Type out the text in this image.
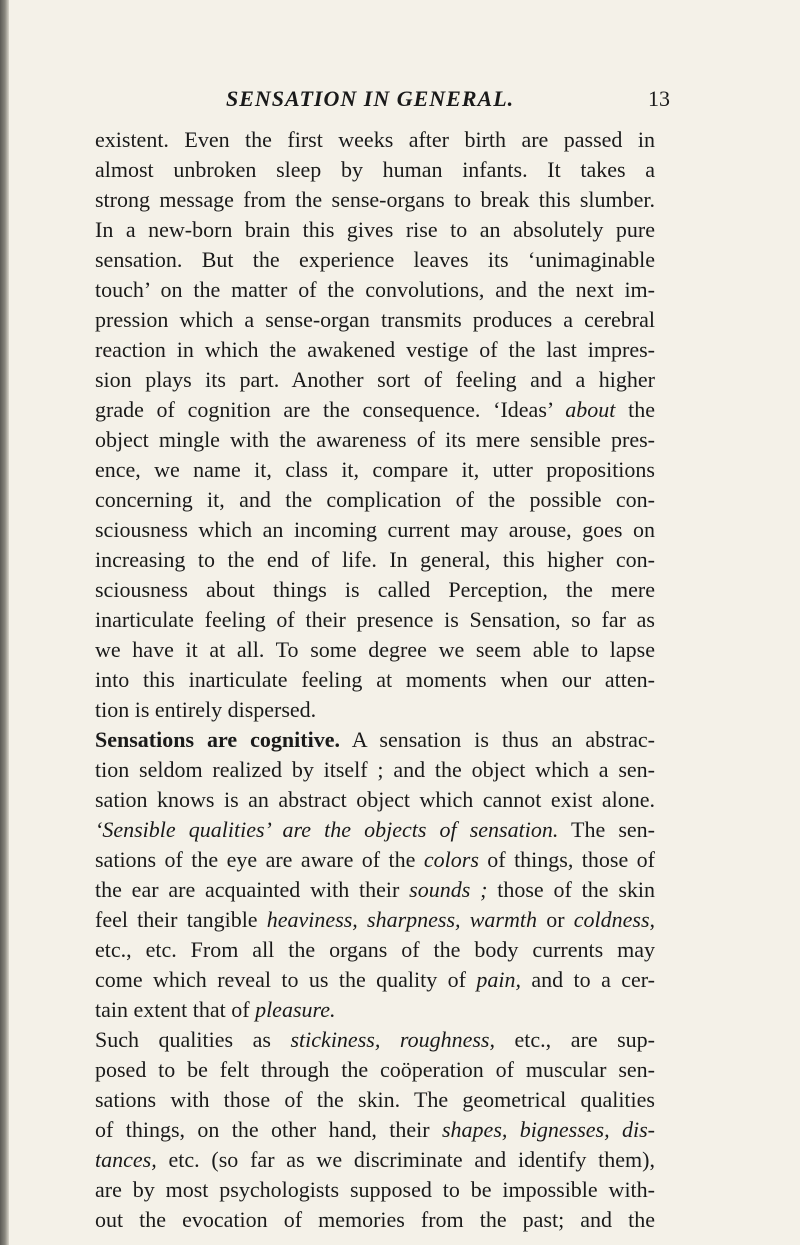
SENSATION IN GENERAL.	13
existent. Even the first weeks after birth are passed in
almost unbroken sleep by human infants. It takes a
strong message from the sense-organs to break this slumber.
In a new-born brain this gives rise to an absolutely pure
sensation. But the experience leaves its ‘unimaginable
touch’ on the matter of the convolutions, and the next im-
pression which a sense-organ transmits produces a cerebral
reaction in which the awakened vestige of the last impres-
sion plays its part. Another sort of feeling and a higher
grade of cognition are the consequence. ‘Ideas’ about the
object mingle with the awareness of its mere sensible pres-
ence, we name it, class it, compare it, utter propositions
concerning it, and the complication of the possible con-
sciousness which an incoming current may arouse, goes on
increasing to the end of life. In general, this higher con-
sciousness about things is called Perception, the mere
inarticulate feeling of their presence is Sensation, so far as
we have it at all. To some degree we seem able to lapse
into this inarticulate feeling at moments when our atten-
tion is entirely dispersed.
Sensations are cognitive. A sensation is thus an abstrac-
tion seldom realized by itself ; and the object which a sen-
sation knows is an abstract object which cannot exist alone.
‘Sensible qualities’ are the objects of sensation. The sen-
sations of the eye are aware of the colors of things, those of
the ear are acquainted with their sounds ; those of the skin
feel their tangible heaviness, sharpness, warmth or coldness,
etc., etc. From all the organs of the body currents may
come which reveal to us the quality of pain, and to a cer-
tain extent that of pleasure.
Such qualities as stickiness, roughness, etc., are sup-
posed to be felt through the coöperation of muscular sen-
sations with those of the skin. The geometrical qualities
of things, on the other hand, their shapes, bignesses, dis-
tances, etc. (so far as we discriminate and identify them),
are by most psychologists supposed to be impossible with-
out the evocation of memories from the past; and the
